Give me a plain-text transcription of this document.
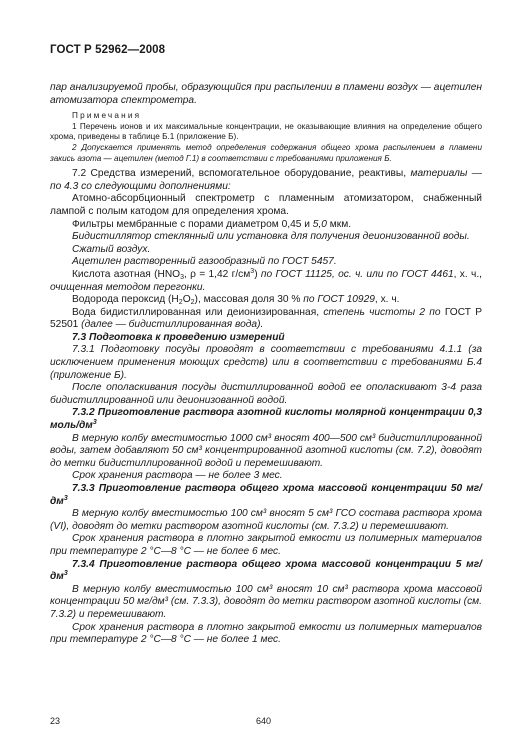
ГОСТ Р 52962—2008

пар анализируемой пробы, образующийся при распылении в пламени воздух — ацетилен атомизатора спектрометра.

Примечания

1 Перечень ионов и их максимальные концентрации, не оказывающие влияния на определение общего хрома, приведены в таблице Б.1 (приложение Б).

2 Допускается применять метод определения содержания общего хрома распылением в пламени закись азота — ацетилен (метод Г.1) в соответствии с требованиями приложения Б.

7.2 Средства измерений, вспомогательное оборудование, реактивы, материалы — по 4.3 со следующими дополнениями:

Атомно-абсорбционный спектрометр с пламенным атомизатором, снабженный лампой с полым катодом для определения хрома.

Фильтры мембранные с порами диаметром 0,45 и 5,0 мкм.

Бидистиллятор стеклянный или установка для получения деионизованной воды.

Сжатый воздух.

Ацетилен растворенный газообразный по ГОСТ 5457.

Кислота азотная ($HNO_3$, ρ = 1,42 $г/см^3$) по ГОСТ 11125, ос. ч. или по ГОСТ 4461, х. ч., очищенная методом перегонки.

Водорода пероксид $(H_2O_2)$, массовая доля 30 % по ГОСТ 10929, х. ч.

Вода бидистиллированная или деионизированная, степень чистоты 2 по ГОСТ Р 52501 (далее — бидистиллированная вода).

7.3 Подготовка к проведению измерений

7.3.1 Подготовку посуды проводят в соответствии с требованиями 4.1.1 (за исключением применения моющих средств) или в соответствии с требованиями Б.4 (приложение Б).

После ополаскивания посуды дистиллированной водой ее ополаскивают 3-4 раза бидистиллированной или деионизованной водой.

7.3.2 Приготовление раствора азотной кислоты молярной концентрации 0,3 моль/$дм^3$

В мерную колбу вместимостью 1000 см³ вносят 400—500 см³ бидистиллированной воды, затем добавляют 50 см³ концентрированной азотной кислоты (см. 7.2), доводят до метки бидистиллированной водой и перемешивают.

Срок хранения раствора — не более 3 мес.

7.3.3 Приготовление раствора общего хрома массовой концентрации 50 $мг/дм^3$

В мерную колбу вместимостью 100 см³ вносят 5 см³ ГСО состава раствора хрома (VI), доводят до метки раствором азотной кислоты (см. 7.3.2) и перемешивают.

Срок хранения раствора в плотно закрытой емкости из полимерных материалов при температуре 2 °С—8 °С — не более 6 мес.

7.3.4 Приготовление раствора общего хрома массовой концентрации 5 $мг/дм^3$

В мерную колбу вместимостью 100 см³ вносят 10 см³ раствора хрома массовой концентрации 50 мг/дм³ (см. 7.3.3), доводят до метки раствором азотной кислоты (см. 7.3.2) и перемешивают.

Срок хранения раствора в плотно закрытой емкости из полимерных материалов при температуре 2 °С—8 °С — не более 1 мес.

23	640
